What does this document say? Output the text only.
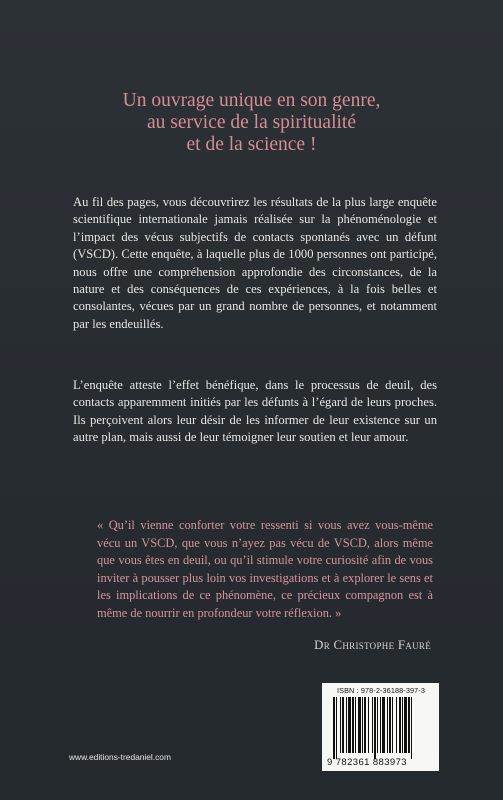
Un ouvrage unique en son genre,
au service de la spiritualité
et de la science !
Au fil des pages, vous découvrirez les résultats de la plus large enquête scientifique internationale jamais réalisée sur la phénoménologie et l’impact des vécus subjectifs de contacts spontanés avec un défunt (VSCD). Cette enquête, à laquelle plus de 1000 personnes ont participé, nous offre une compréhension approfondie des circonstances, de la nature et des conséquences de ces expériences, à la fois belles et consolantes, vécues par un grand nombre de personnes, et notamment par les endeuillés.
L’enquête atteste l’effet bénéfique, dans le processus de deuil, des contacts apparemment initiés par les défunts à l’égard de leurs proches. Ils perçoivent alors leur désir de les informer de leur existence sur un autre plan, mais aussi de leur témoigner leur soutien et leur amour.
« Qu’il vienne conforter votre ressenti si vous avez vous-même vécu un VSCD, que vous n’ayez pas vécu de VSCD, alors même que vous êtes en deuil, ou qu’il stimule votre curiosité afin de vous inviter à pousser plus loin vos investigations et à explorer le sens et les implications de ce phénomène, ce précieux compagnon est à même de nourrir en profondeur votre réflexion. »
Dr Christophe Fauré
ISBN : 978-2-36188-397-3
9 782361 883973
www.editions-tredaniel.com
